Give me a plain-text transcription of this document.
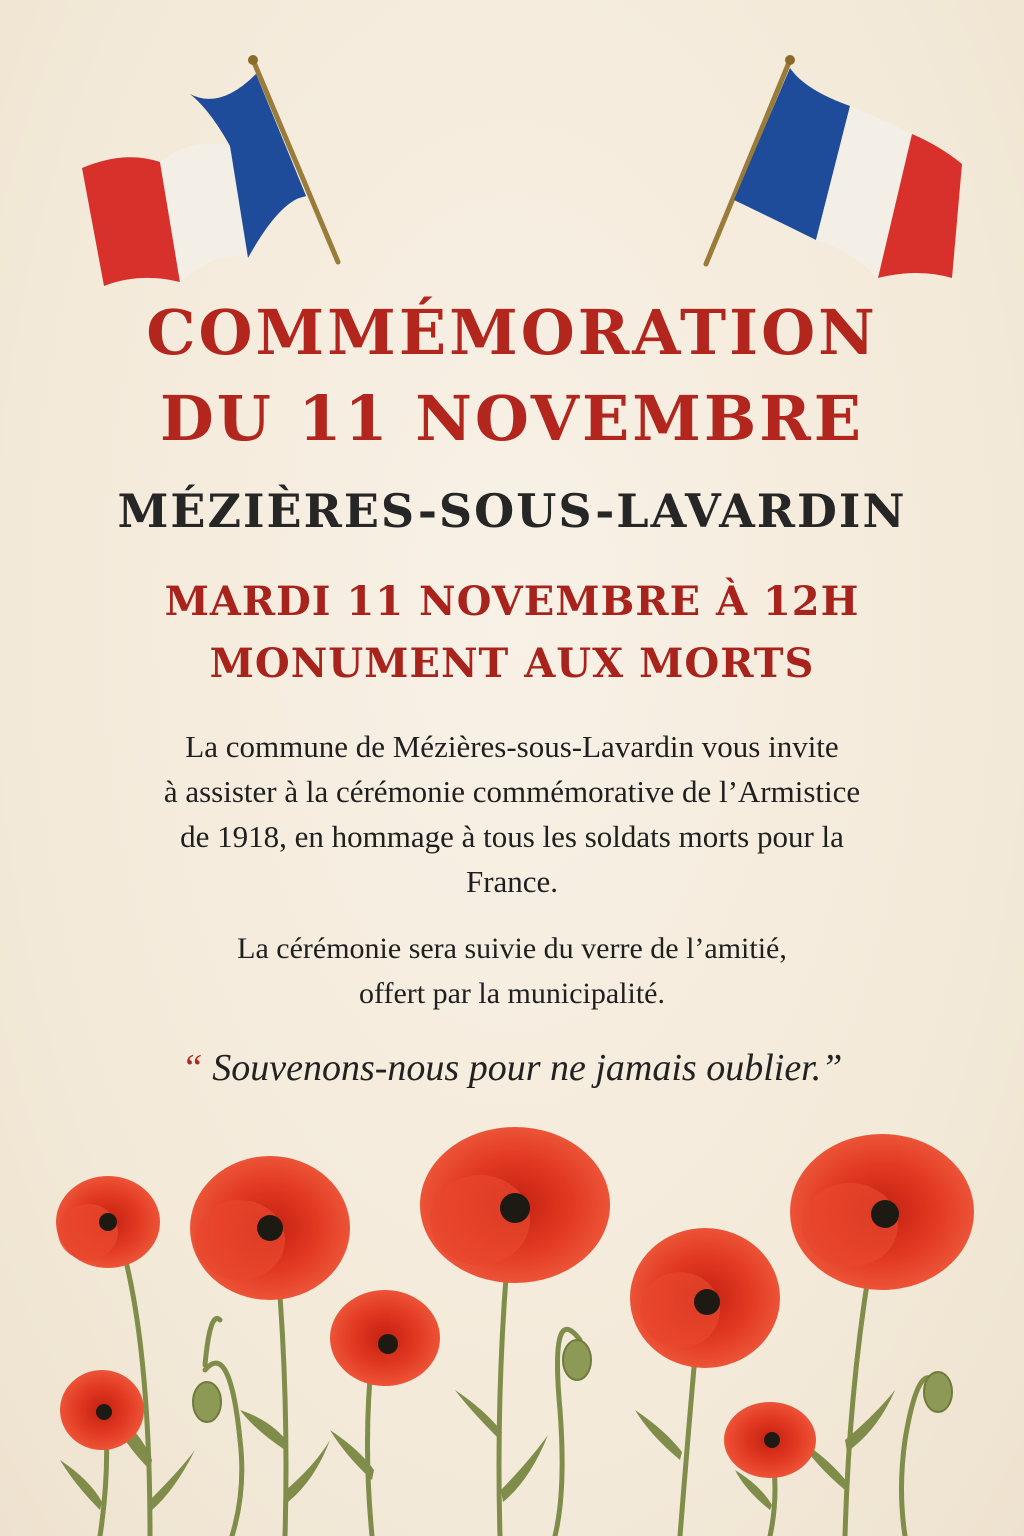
COMMÉMORATION
DU 11 NOVEMBRE
MÉZIÈRES-SOUS-LAVARDIN
MARDI 11 NOVEMBRE À 12H
MONUMENT AUX MORTS
La commune de Mézières-sous-Lavardin vous invite
à assister à la cérémonie commémorative de l’Armistice
de 1918, en hommage à tous les soldats morts pour la
France.
La cérémonie sera suivie du verre de l’amitié,
offert par la municipalité.
“ Souvenons-nous pour ne jamais oublier.”
